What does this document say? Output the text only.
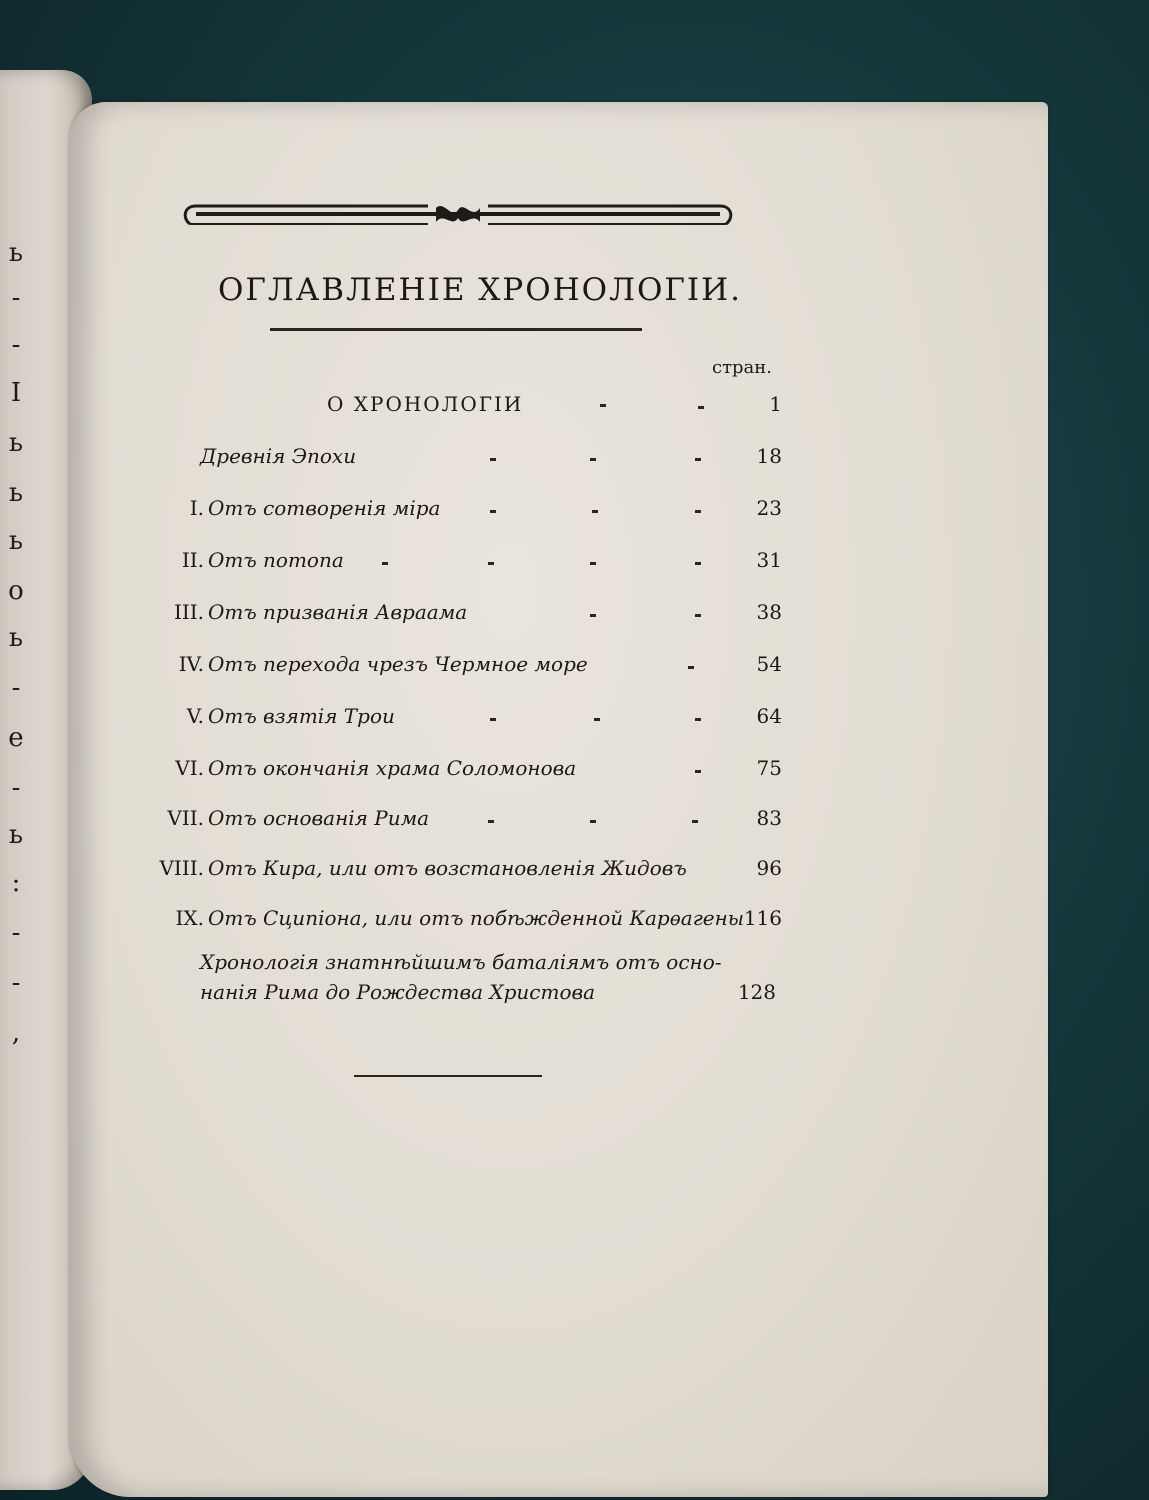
ь
-
-
I
ь
ь
ь
о
ь
-
е
-
ь
:
-
-
,
ОГЛАВЛЕНІЕ ХРОНОЛОГІИ.
стран.
О ХРОНОЛОГІИ	1
Древнія Эпохи	18
I. Отъ сотворенія міра	23
II. Отъ потопа	31
III. Отъ призванія Авраама	38
IV. Отъ перехода чрезъ Чермное море	54
V. Отъ взятія Трои	64
VI. Отъ окончанія храма Соломонова	75
VII. Отъ основанія Рима	83
VIII. Отъ Кира, или отъ возстановленія Жидовъ	96
IX. Отъ Сципіона, или отъ побѣжденной Карѳагены 116
Хронологія знатнѣйшимъ баталіямъ отъ осно-
нанія Рима до Рождества Христова	128
